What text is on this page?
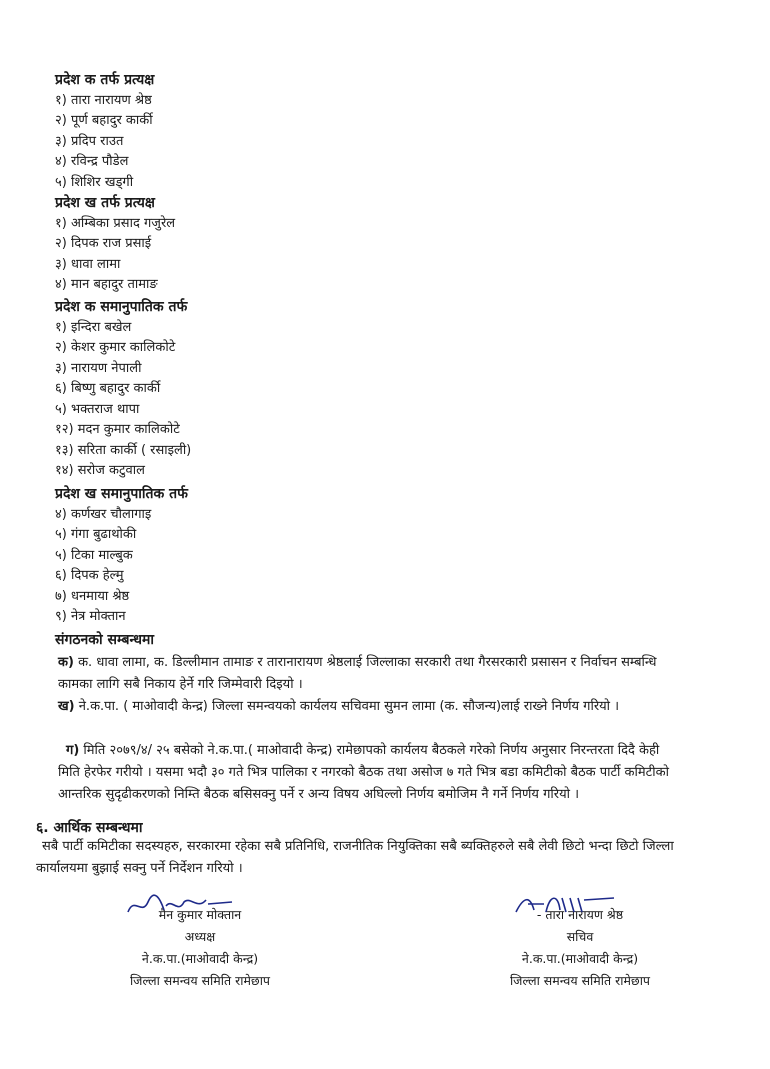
प्रदेश क तर्फ प्रत्यक्ष
१) तारा नारायण श्रेष्ठ
२) पूर्ण बहादुर कार्की
३) प्रदिप राउत
४) रविन्द्र पौडेल
५) शिशिर खड्गी
प्रदेश ख तर्फ प्रत्यक्ष
१) अम्बिका प्रसाद गजुरेल
२) दिपक राज प्रसाई
३) धावा लामा
४) मान बहादुर तामाङ
प्रदेश क समानुपातिक तर्फ
१) इन्दिरा बखेल
२) केशर कुमार कालिकोटे
३) नारायण नेपाली
६) बिष्णु बहादुर कार्की
५) भक्तराज थापा
१२) मदन कुमार कालिकोटे
१३) सरिता कार्की ( रसाइली)
१४) सरोज कटुवाल
प्रदेश ख समानुपातिक तर्फ
४) कर्णखर चौलागाइ
५) गंगा बुढाथोकी
५) टिका माल्बुक
६) दिपक हेल्मु
७) धनमाया श्रेष्ठ
९) नेत्र मोक्तान
संगठनको सम्बन्धमा
क) क. धावा लामा, क. डिल्लीमान तामाङ र तारानारायण श्रेष्ठलाई जिल्लाका सरकारी तथा गैरसरकारी प्रसासन र निर्वाचन सम्बन्धि कामका लागि सबै निकाय हेर्ने गरि जिम्मेवारी दिइयो ।
ख) ने.क.पा. ( माओवादी केन्द्र) जिल्ला समन्वयको कार्यलय सचिवमा सुमन लामा (क. सौजन्य)लाई राख्ने निर्णय गरियो ।
ग) मिति २०७९/४/ २५ बसेको ने.क.पा.( माओवादी केन्द्र) रामेछापको कार्यलय बैठकले गरेको निर्णय अनुसार निरन्तरता दिदै केही मिति हेरफेर गरीयो । यसमा भदौ ३० गते भित्र पालिका र नगरको बैठक तथा असोज ७ गते भित्र बडा कमिटीको बैठक पार्टी कमिटीको आन्तरिक सुदृढीकरणको निम्ति बैठक बसिसक्नु पर्ने र अन्य विषय अघिल्लो निर्णय बमोजिम नै गर्ने निर्णय गरियो ।
६. आर्थिक सम्बन्धमा
सबै पार्टी कमिटीका सदस्यहरु, सरकारमा रहेका सबै प्रतिनिधि, राजनीतिक नियुक्तिका सबै ब्यक्तिहरुले सबै लेवी छिटो भन्दा छिटो जिल्ला कार्यालयमा बुझाई सक्नु पर्ने निर्देशन गरियो ।
मैन कुमार मोक्तान
अध्यक्ष
ने.क.पा.(माओवादी केन्द्र)
जिल्ला समन्वय समिति रामेछाप
- तारा नारायण श्रेष्ठ
सचिव
ने.क.पा.(माओवादी केन्द्र)
जिल्ला समन्वय समिति रामेछाप
